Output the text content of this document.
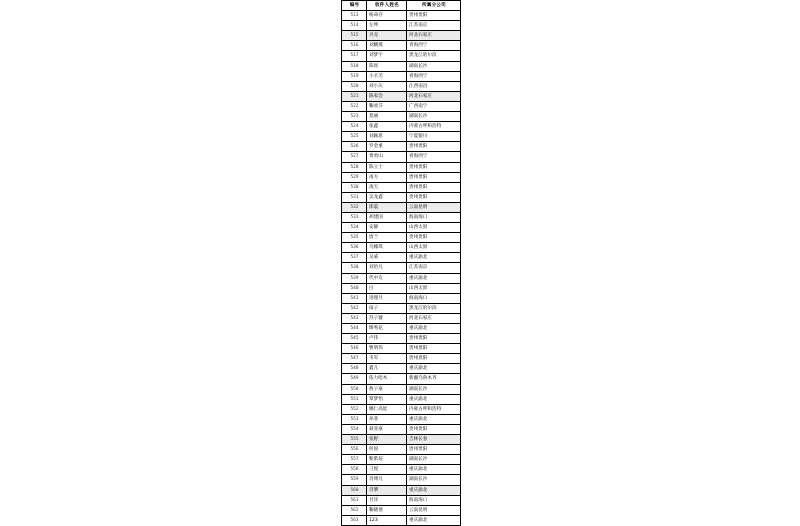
编号	收件人姓名	所属分公司
513	杨命存	贵州贵阳
514	左坤	江苏南京
515	贝壳	河北石家庄
516	刘鹏燕	青海西宁
517	刘梦宇	黑龙江哈尔滨
518	陈瑶	湖南长沙
519	小羊羔	青海西宁
520	刘小庆	江西南昌
521	陈家会	河北石家庄
522	鞠欢芬	广西南宁
523	莫丽	湖南长沙
524	张鑫	内蒙古呼和浩特
525	刘颖思	宁夏银川
526	罗金重	贵州贵阳
527	黄勇山	青海西宁
528	陈立士	贵州贵阳
529	南方	贵州贵阳
530	凌天	贵州贵阳
531	吴龙鑫	贵州贵阳
532	郎震	云南昆明
533	胡建国	海南海口
534	安静	山西太原
535	唐兰	贵州贵阳
536	乌娜琪	山西太原
537	吴威	重庆渝北
538	刘治凡	江苏南京
539	代中友	重庆渝北
540	白	山西太原
541	进理月	海南海口
542	扇子	黑龙江哈尔滨
543	苏子璇	河北石家庄
544	缪秀花	重庆渝北
545	卢伟	贵州贵阳
546	曹明伟	贵州贵阳
547	韦军	贵州贵阳
548	鑫儿	重庆渝北
549	依力哈木	新疆乌鲁木齐
550	敖子豪	湖南长沙
551	覃梦怡	重庆渝北
552	娜仁高娃	内蒙古呼和浩特
553	孙菲	重庆渝北
554	聂亚豪	贵州贵阳
555	张野	吉林长春
556	何国	贵州贵阳
557	靳紫瑄	湖南长沙
558	刁悦	重庆渝北
559	肖博凡	湖南长沙
560	肖攀	重庆渝北
561	甘洋	海南海口
562	鞠晓倩	云南昆明
563	123	重庆渝北
